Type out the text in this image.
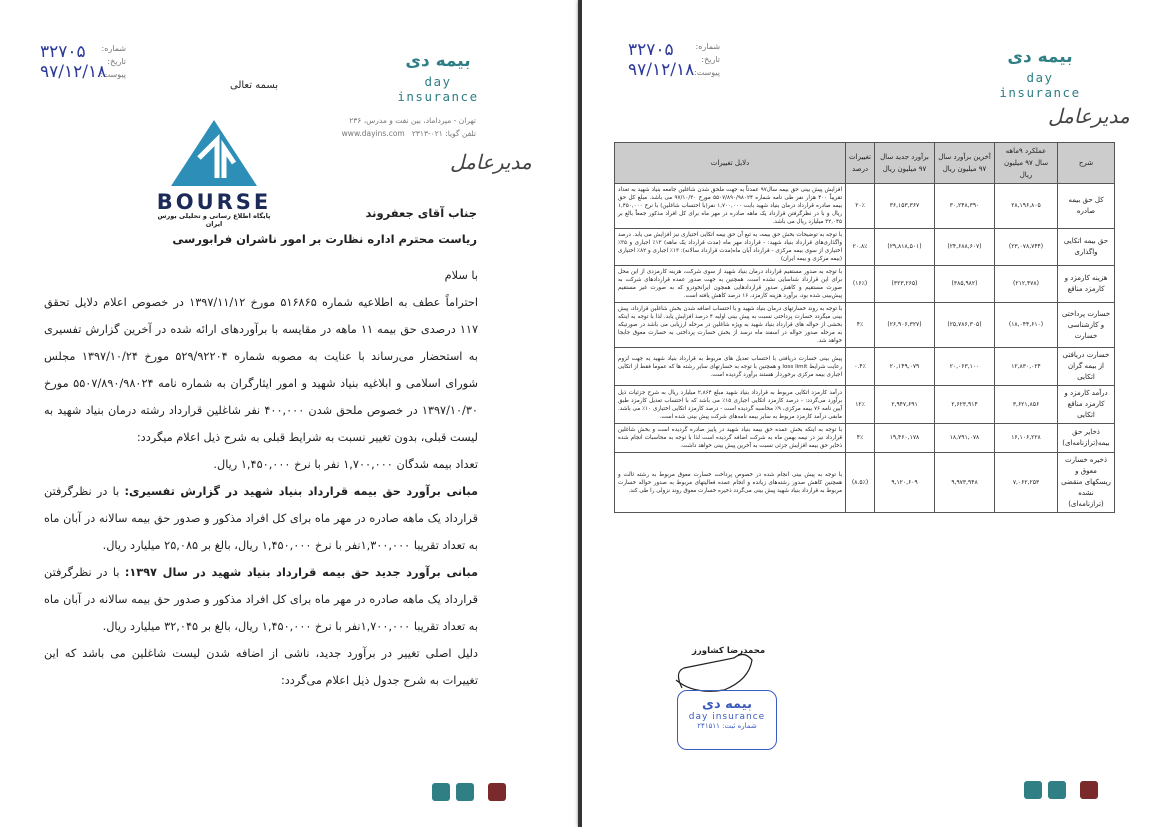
بیمه دی
day insurance
شماره:
تاریخ:
پیوست:
۳۲۷۰۵
۹۷/۱۲/۱۸
بسمه تعالی
تهران - میرداماد، بین نفت و مدرس، ۲۳۶
تلفن گویا: ۰۲۱-۲۳۱۳   www.dayins.com
مدیرعامل
BOURSE
پایگاه اطلاع رسانی و تحلیلی بورس ایران
جناب آقای جعفروند
ریاست محترم اداره نظارت بر امور ناشران فرابورسی

با سلام

احتراماً عطف به اطلاعیه شماره ۵۱۶۸۶۵ مورخ ۱۳۹۷/۱۱/۱۲ در خصوص اعلام دلایل تحقق ۱۱۷ درصدی حق بیمه ۱۱ ماهه در مقایسه با برآوردهای ارائه شده در آخرین گزارش تفسیری به استحضار می‌رساند با عنایت به مصوبه شماره ۵۲۹/۹۲۲۰۴ مورخ ۱۳۹۷/۱۰/۲۴ مجلس شورای اسلامی و ابلاغیه بنیاد شهید و امور ایثارگران به شماره نامه ۵۵۰۷/۸۹۰/۹۸۰۲۴ مورخ ۱۳۹۷/۱۰/۳۰ در خصوص ملحق شدن ۴۰۰,۰۰۰ نفر شاغلین قرارداد رشته درمان بنیاد شهید به لیست قبلی، بدون تغییر نسبت به شرایط قبلی به شرح ذیل اعلام میگردد:

تعداد بیمه شدگان ۱,۷۰۰,۰۰۰ نفر با نرخ ۱,۴۵۰,۰۰۰ ریال.

مبانی برآورد حق بیمه قرارداد بنیاد شهید در گزارش تفسیری: با در نظرگرفتن قرارداد یک ماهه صادره در مهر ماه برای کل افراد مذکور و صدور حق بیمه سالانه در آبان ماه به تعداد تقریبا ۱,۳۰۰,۰۰۰نفر با نرخ ۱,۴۵۰,۰۰۰ ریال، بالغ بر ۲۵,۰۸۵ میلیارد ریال.

مبانی برآورد جدید حق بیمه قرارداد بنیاد شهید در سال ۱۳۹۷: با در نظرگرفتن قرارداد یک ماهه صادره در مهر ماه برای کل افراد مذکور و صدور حق بیمه سالانه در آبان ماه به تعداد تقریبا ۱,۷۰۰,۰۰۰نفر با نرخ ۱,۴۵۰,۰۰۰ ریال، بالغ بر ۳۲,۰۴۵ میلیارد ریال.

دلیل اصلی تغییر در برآورد جدید، ناشی از اضافه شدن لیست شاغلین می باشد که این تغییرات به شرح جدول ذیل اعلام می‌گردد:

بیمه دی
day insurance
شماره:
تاریخ:
پیوست:
۳۲۷۰۵
۹۷/۱۲/۱۸
مدیرعامل
شرح	عملکرد ۹ماهه سال ۹۷ میلیون ریال	آخرین برآورد سال ۹۷ میلیون ریال	برآورد جدید سال ۹۷ میلیون ریال	تغییرات درصد	دلایل تغییرات
کل حق بیمه صادره	۲۸,۱۹۶,۸۰۵	۳۰,۲۴۸,۳۹۰	۳۶,۱۵۳,۳۶۷	۲۰٪	افزایش پیش بینی حق بیمه سال۹۷ عمدتاً به جهت ملحق شدن شاغلین جامعه بنیاد شهید به تعداد تقریباً ۴۰۰ هزار نفر طی نامه شماره ۵۵۰۷/۸۹۰/۹۸۰۲۴ مورخ ۹۷/۱۰/۳۰ می باشد. مبلغ کل حق بیمه صادره قرارداد درمان بنیاد شهید بابت ۱,۷۰۰,۰۰۰ نفر(با احتساب شاغلین) با نرخ ۱,۴۵۰,۰۰۰ ریال و با در نظرگرفتن قرارداد یک ماهه صادره در مهر ماه برای کل افراد مذکور جمعاً بالغ بر ۳۲,۰۴۵ میلیارد ریال می باشد.
حق بیمه اتکایی واگذاری	(۲۳,۰۷۸,۷۴۴)	(۲۴,۶۸۸,۶۰۷)	(۲۹,۸۱۸,۵۰۱)	۲۰.۸٪	با توجه به توضیحات بخش حق بیمه، به تبع آن حق بیمه اتکایی اختیاری نیز افزایش می یابد. درصد واگذاری‌های قرارداد بنیاد شهید: - قرارداد مهر ماه (مدت قرارداد یک ماهه) ۱۳٪ اجباری و ۳۵٪ اختیاری از سوی بیمه مرکزی - قرارداد آبان ماه(مدت قرارداد سالانه): ۱۳٪ اجباری و ۸۲٪ اختیاری (بیمه مرکزی و بیمه ایران)
هزینه کارمزد و کارمزد منافع	(۲۱۲,۴۷۸)	(۳۸۵,۹۸۲)	(۳۲۳,۲۶۵)	(۱۶٪)	با توجه به صدور مستقیم قرارداد درمان بنیاد شهید از سوی شرکت، هزینه کارمزدی از این محل برای این قرارداد شناسایی نشده است. همچنین به جهت صدور عمده قراردادهای شرکت به صورت مستقیم و کاهش صدور قراردادهایی همچون ایرانخودرو که به صورت غیر مستقیم پیش‌بینی شده بود، برآورد هزینه کارمزد، ۱۶ درصد کاهش یافته است.
خسارت پرداختی و کارشناسی خسارت	(۱۸,۰۴۴,۶۱۰)	(۲۵,۷۸۶,۳۰۵)	(۲۶,۹۰۶,۳۲۷)	۴٪	با توجه به روند خسارتهای درمان بنیاد شهید و با احتساب اضافه شدن بخش شاغلین قرارداد، پیش بینی میگردد خسارت پرداختی نسبت به پیش بینی اولیه ۴ درصد افزایش یابد. لذا با توجه به اینکه بخشی از حواله های قرارداد بنیاد شهید به ویژه شاغلین در مرحله ارزیابی می باشد در صورتیکه به مرحله صدور حواله در اسفند ماه نرسد از بخش خسارت پرداختی به خسارت معوق جابجا خواهد شد.
خسارت دریافتی از بیمه گران اتکایی	۱۲,۸۳۰,۰۲۴	۲۰,۰۶۳,۱۰۰	۲۰,۱۴۹,۰۷۹	۰.۴٪	پیش بینی خسارت دریافتی با احتساب تعدیل های مربوط به قرارداد بنیاد شهید به جهت لزوم رعایت شرایط loss limit و همچنین با توجه به خسارتهای سایر رشته ها که عموما فقط از اتکایی اجباری بیمه مرکزی برخوردار هستند برآورد گردیده است.
درآمد کارمزد و کارمزد منافع اتکایی	۳,۶۲۱,۸۵۶	۲,۶۲۳,۹۱۴	۲,۹۴۷,۶۹۱	۱۲٪	درآمد کارمزد اتکایی مربوط به قرارداد بنیاد شهید مبلغ ۲,۸۶۴ میلیارد ریال به شرح جزئیات ذیل برآورد می‌گردد: - درصد کارمزد اتکایی اجباری ۱۵٪ می باشد که با احتساب تعدیل کارمزد طبق آیین نامه ۷۶ بیمه مرکزی، ۹٪ محاسبه گردیده است - درصد کارمزد اتکایی اختیاری ۱۰٪ می باشد. مابقی درآمد کارمزد مربوط به سایر بیمه نامه‌های شرکت پیش بینی شده است.
ذخایر حق بیمه(ترازنامه‌ای)	۱۶,۱۰۶,۲۲۸	۱۸,۷۹۱,۰۷۸	۱۹,۴۶۰,۱۷۸	۴٪	با توجه به اینکه بخش عمده حق بیمه بنیاد شهید در پاییز صادره گردیده است و بخش شاغلین قرارداد نیز در نیمه بهمن ماه به شرکت اضافه گردیده است لذا با توجه به محاسبات انجام شده ذخایر حق بیمه افزایش جزئی نسبت به آخرین پیش بینی خواهد داشت.
ذخیره خسارت معوق و ریسکهای منقضی نشده (ترازنامه‌ای)	۷,۰۶۲,۲۵۳	۹,۹۷۳,۹۴۸	۹,۱۲۰,۶۰۹	(۸.۵٪)	با توجه به پیش بینی انجام شده در خصوص پرداخت خسارت معوق مربوط به رشته ثالث و همچنین کاهش صدور رشته‌های زیانده و انجام عمده فعالیتهای مربوط به صدور حواله خسارت مربوط به قرارداد بنیاد شهید پیش بینی می‌گردد ذخیره خسارت معوق روند نزولی را طی کند.
محمدرضا کشاورز
بیمه دی
day insurance
شماره ثبت: ۲۴۱۵۱۱
